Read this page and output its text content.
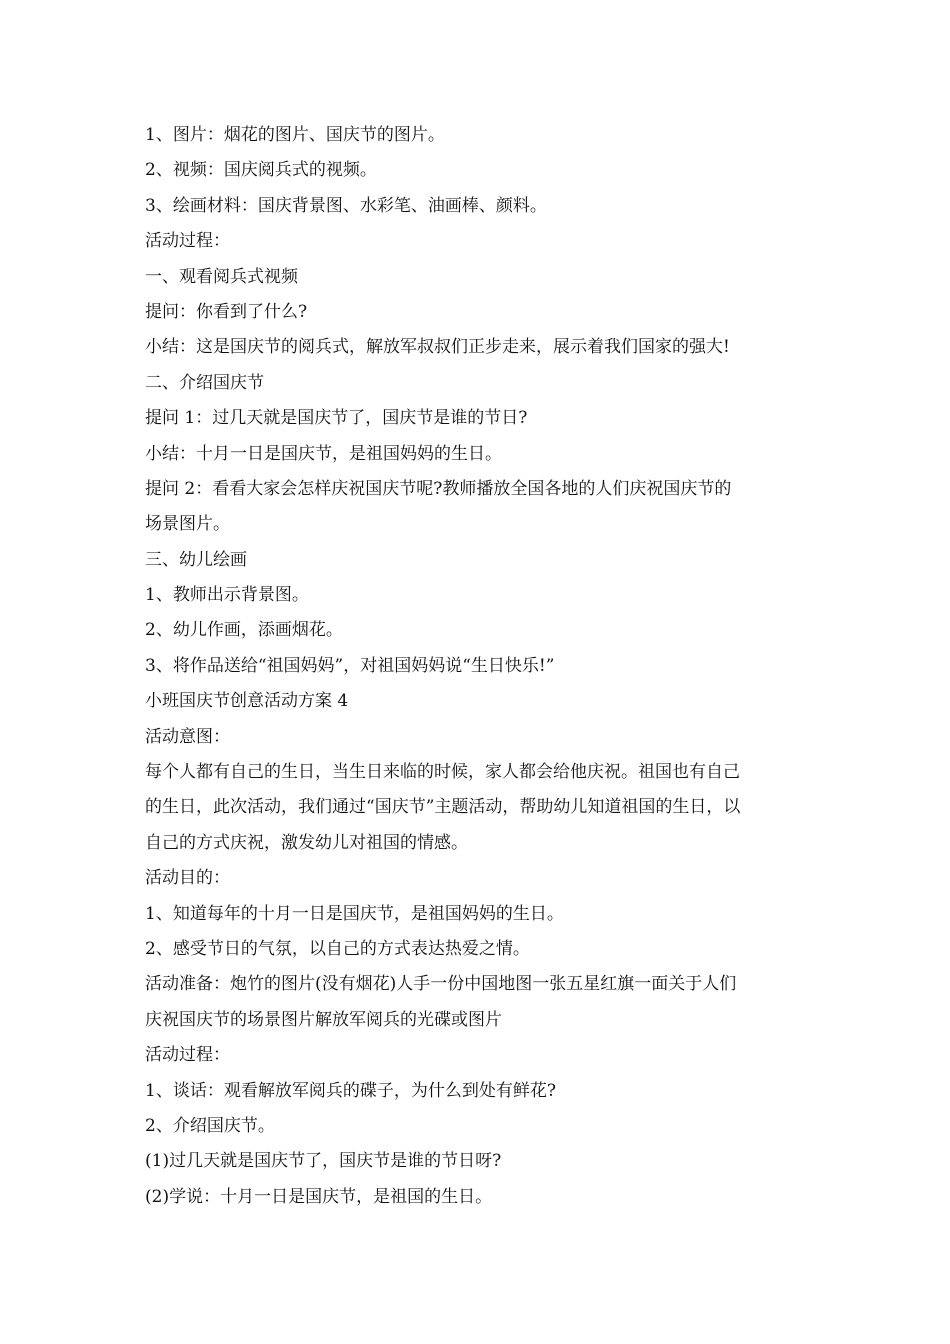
1、图片：烟花的图片、国庆节的图片。

2、视频：国庆阅兵式的视频。

3、绘画材料：国庆背景图、水彩笔、油画棒、颜料。

活动过程：

一、观看阅兵式视频

提问：你看到了什么?

小结：这是国庆节的阅兵式，解放军叔叔们正步走来，展示着我们国家的强大!

二、介绍国庆节

提问 1：过几天就是国庆节了，国庆节是谁的节日?

小结：十月一日是国庆节，是祖国妈妈的生日。

提问 2：看看大家会怎样庆祝国庆节呢?教师播放全国各地的人们庆祝国庆节的

场景图片。

三、幼儿绘画

1、教师出示背景图。

2、幼儿作画，添画烟花。

3、将作品送给“祖国妈妈”，对祖国妈妈说“生日快乐!”

小班国庆节创意活动方案 4

活动意图：

每个人都有自己的生日，当生日来临的时候，家人都会给他庆祝。祖国也有自己

的生日，此次活动，我们通过“国庆节”主题活动，帮助幼儿知道祖国的生日，以

自己的方式庆祝，激发幼儿对祖国的情感。

活动目的：

1、知道每年的十月一日是国庆节，是祖国妈妈的生日。

2、感受节日的气氛，以自己的方式表达热爱之情。

活动准备：炮竹的图片(没有烟花)人手一份中国地图一张五星红旗一面关于人们

庆祝国庆节的场景图片解放军阅兵的光碟或图片

活动过程：

1、谈话：观看解放军阅兵的碟子，为什么到处有鲜花?

2、介绍国庆节。

(1)过几天就是国庆节了，国庆节是谁的节日呀?

(2)学说：十月一日是国庆节，是祖国的生日。
